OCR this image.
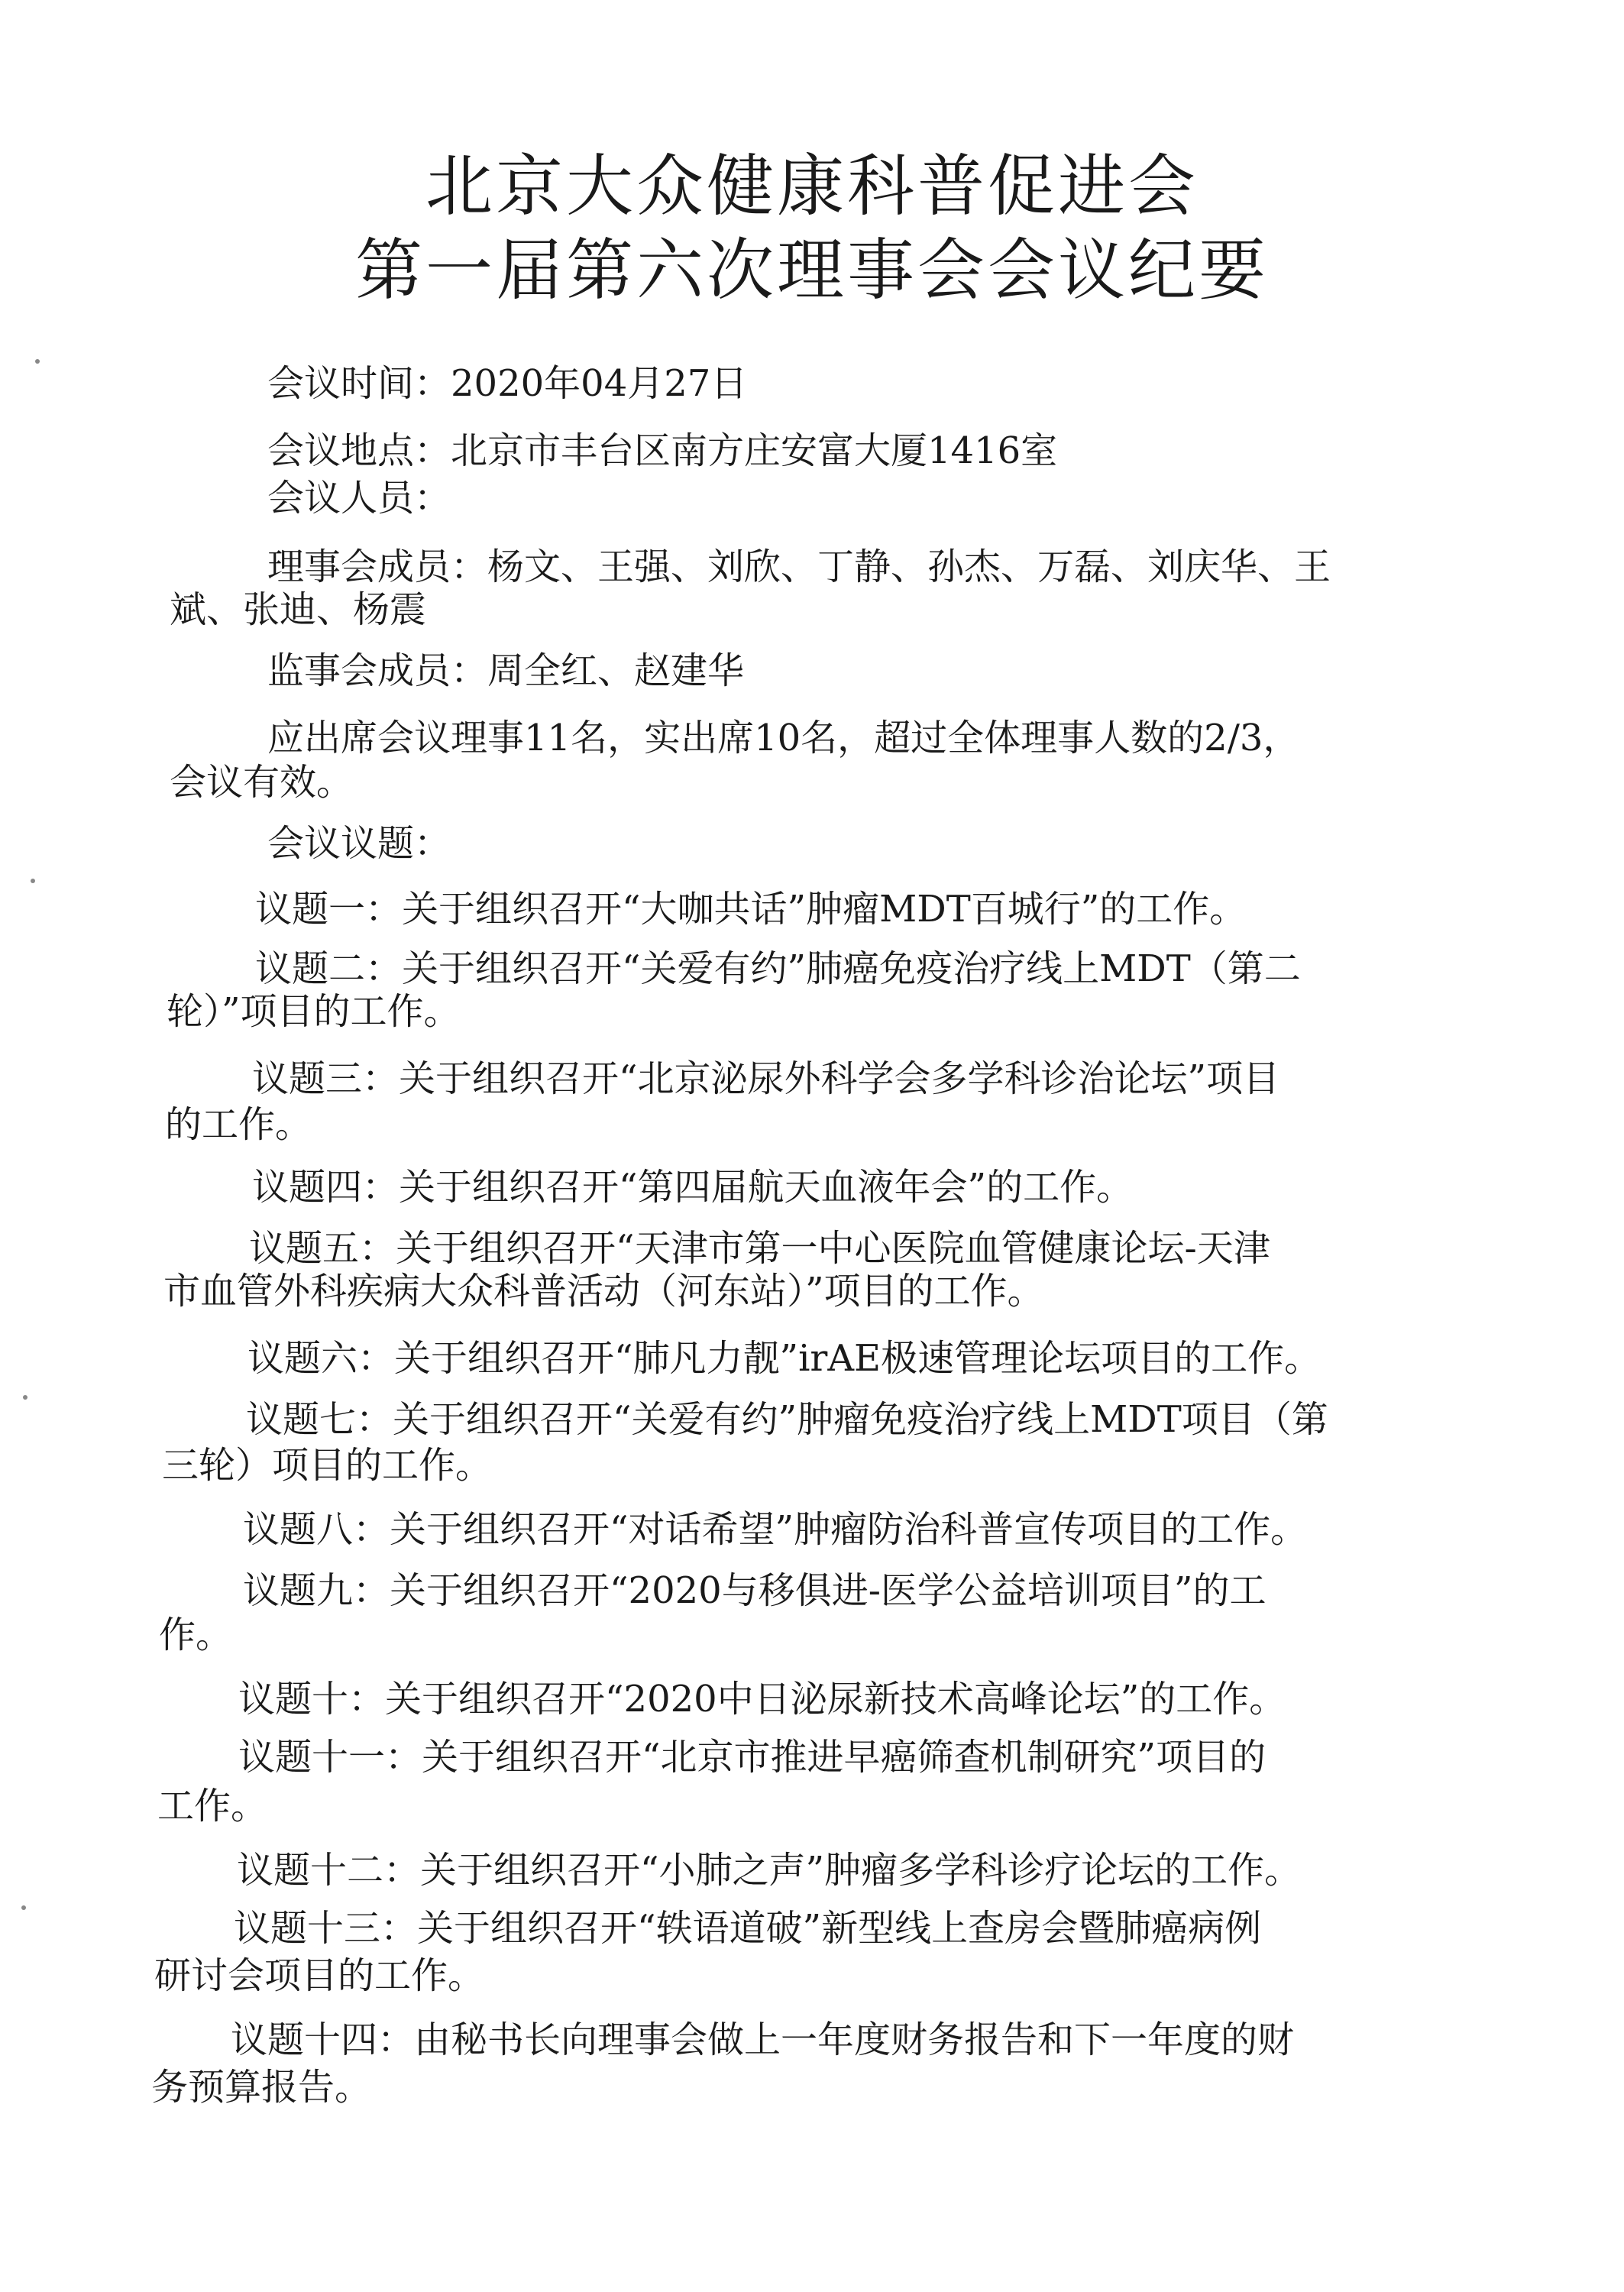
北京大众健康科普促进会
第一届第六次理事会会议纪要
会议时间：2020年04月27日
会议地点：北京市丰台区南方庄安富大厦1416室
会议人员：
理事会成员：杨文、王强、刘欣、丁静、孙杰、万磊、刘庆华、王
斌、张迪、杨震
监事会成员：周全红、赵建华
应出席会议理事11名，实出席10名，超过全体理事人数的2/3，
会议有效。
会议议题：
议题一：关于组织召开“大咖共话”肿瘤MDT百城行”的工作。
议题二：关于组织召开“关爱有约”肺癌免疫治疗线上MDT（第二
轮）”项目的工作。
议题三：关于组织召开“北京泌尿外科学会多学科诊治论坛”项目
的工作。
议题四：关于组织召开“第四届航天血液年会”的工作。
议题五：关于组织召开“天津市第一中心医院血管健康论坛-天津
市血管外科疾病大众科普活动（河东站）”项目的工作。
议题六：关于组织召开“肺凡力靓”irAE极速管理论坛项目的工作。
议题七：关于组织召开“关爱有约”肿瘤免疫治疗线上MDT项目（第
三轮）项目的工作。
议题八：关于组织召开“对话希望”肿瘤防治科普宣传项目的工作。
议题九：关于组织召开“2020与移俱进-医学公益培训项目”的工
作。
议题十：关于组织召开“2020中日泌尿新技术高峰论坛”的工作。
议题十一：关于组织召开“北京市推进早癌筛查机制研究”项目的
工作。
议题十二：关于组织召开“小肺之声”肿瘤多学科诊疗论坛的工作。
议题十三：关于组织召开“轶语道破”新型线上查房会暨肺癌病例
研讨会项目的工作。
议题十四：由秘书长向理事会做上一年度财务报告和下一年度的财
务预算报告。
